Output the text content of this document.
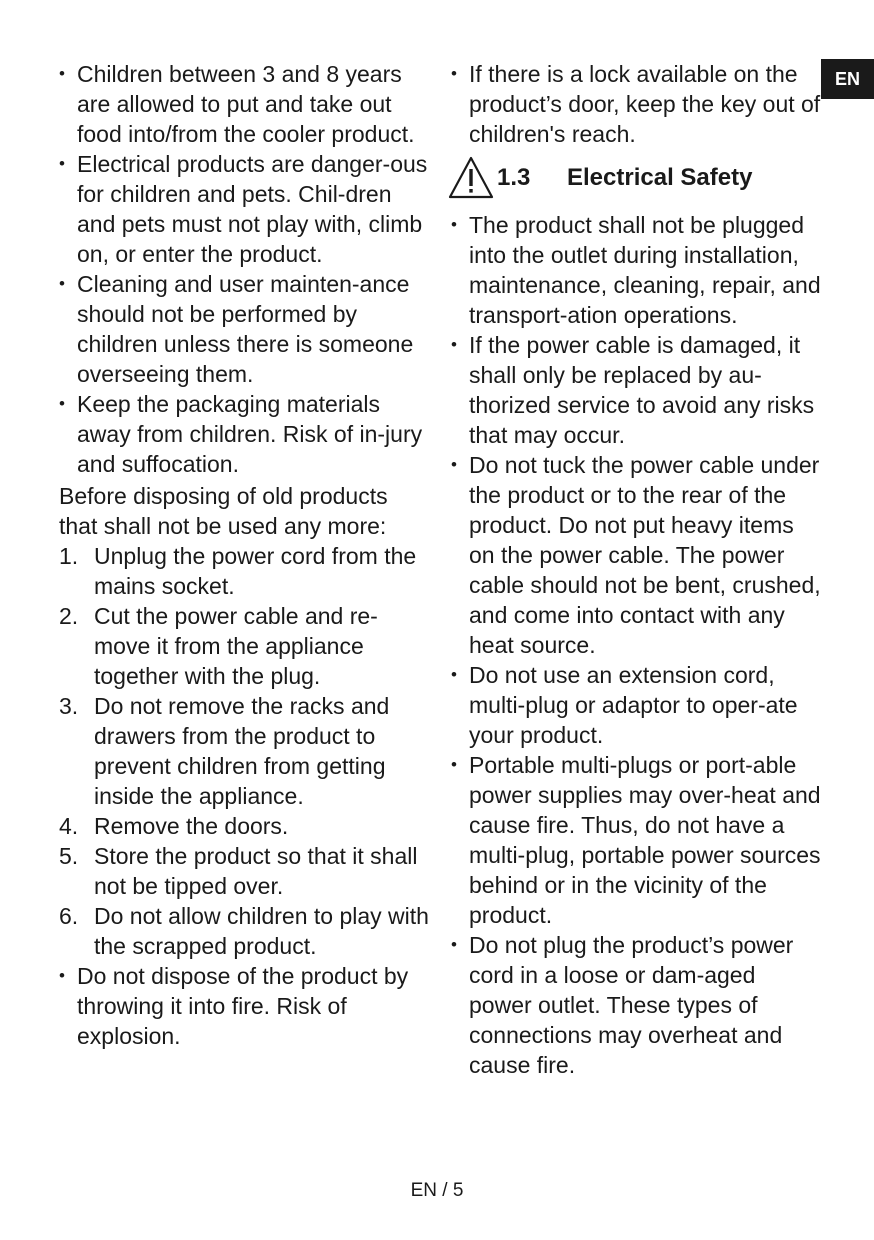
EN
• Children between 3 and 8 years are allowed to put and take out food into/from the cooler product.
• Electrical products are danger-ous for children and pets. Chil-dren and pets must not play with, climb on, or enter the product.
• Cleaning and user mainten-ance should not be performed by children unless there is someone overseeing them.
• Keep the packaging materials away from children. Risk of in-jury and suffocation.

Before disposing of old products that shall not be used any more:

1. Unplug the power cord from the mains socket.
2. Cut the power cable and re-move it from the appliance together with the plug.
3. Do not remove the racks and drawers from the product to prevent children from getting inside the appliance.
4. Remove the doors.
5. Store the product so that it shall not be tipped over.
6. Do not allow children to play with the scrapped product.
• Do not dispose of the product by throwing it into fire. Risk of explosion.
• If there is a lock available on the product’s door, keep the key out of children's reach.
1.3	Electrical Safety
• The product shall not be plugged into the outlet during installation, maintenance, cleaning, repair, and transport-ation operations.
• If the power cable is damaged, it shall only be replaced by au-thorized service to avoid any risks that may occur.
• Do not tuck the power cable under the product or to the rear of the product. Do not put heavy items on the power cable. The power cable should not be bent, crushed, and come into contact with any heat source.
• Do not use an extension cord, multi-plug or adaptor to oper-ate your product.
• Portable multi-plugs or port-able power supplies may over-heat and cause fire. Thus, do not have a multi-plug, portable power sources behind or in the vicinity of the product.
• Do not plug the product’s power cord in a loose or dam-aged power outlet. These types of connections may overheat and cause fire.
EN / 5
